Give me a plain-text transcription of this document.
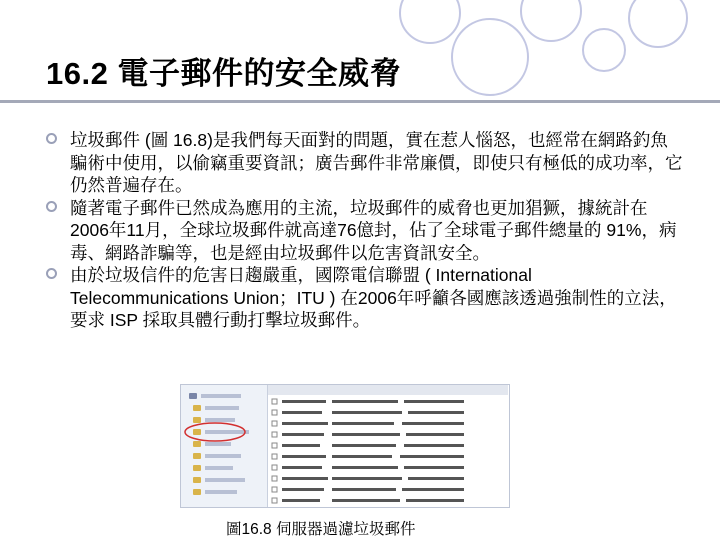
16.2 電子郵件的安全威脅
垃圾郵件 (圖 16.8)是我們每天面對的問題，實在惹人惱怒，也經常在網路釣魚騙術中使用，以偷竊重要資訊；廣告郵件非常廉價，即使只有極低的成功率，它仍然普遍存在。
隨著電子郵件已然成為應用的主流，垃圾郵件的威脅也更加猖獗，據統計在2006年11月，全球垃圾郵件就高達76億封，佔了全球電子郵件總量的 91%，病毒、網路詐騙等，也是經由垃圾郵件以危害資訊安全。
由於垃圾信件的危害日趨嚴重，國際電信聯盟 ( International Telecommunications Union；ITU ) 在2006年呼籲各國應該透過強制性的立法，要求 ISP 採取具體行動打擊垃圾郵件。
圖16.8 伺服器過濾垃圾郵件
